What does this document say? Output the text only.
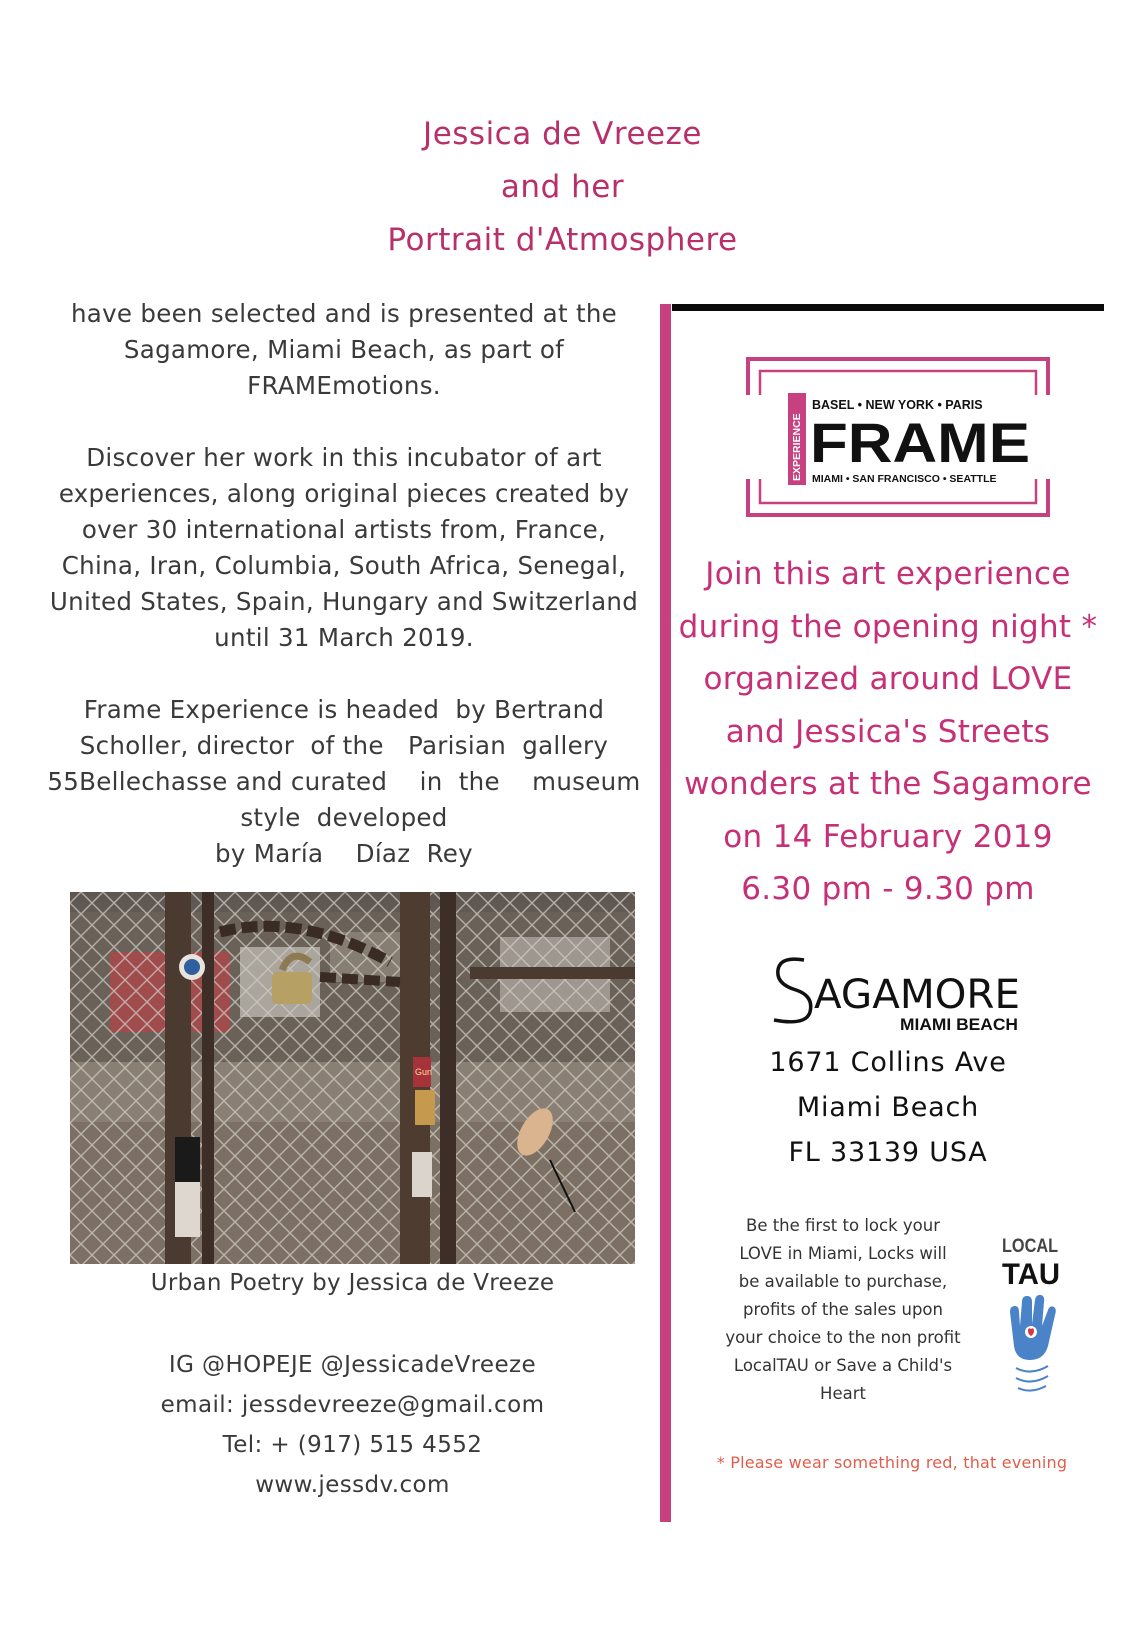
Jessica de Vreeze
and her
Portrait d'Atmosphere

have been selected and is presented at the

Sagamore, Miami Beach, as part of

FRAMEmotions.

Discover her work in this incubator of art

experiences, along original pieces created by

over 30 international artists from, France,

China, Iran, Columbia, South Africa, Senegal,

United States, Spain, Hungary and Switzerland

until 31 March 2019.

Frame Experience is headed  by Bertrand

Scholler, director  of the   Parisian  gallery

55Bellechasse and curated    in  the    museum

style  developed

by María    Díaz  Rey

Gun
Urban Poetry by Jessica de Vreeze
IG @HOPEJE @JessicadeVreeze
email: jessdevreeze@gmail.com
Tel: + (917) 515 4552
www.jessdv.com
EXPERIENCE
BASEL • NEW YORK • PARIS
FRAME
MIAMI • SAN FRANCISCO • SEATTLE
Join this art experience
during the opening night *
organized around LOVE
and Jessica's Streets
wonders at the Sagamore
on 14 February 2019
6.30 pm - 9.30 pm
AGAMORE
MIAMI BEACH
1671 Collins Ave
Miami Beach
FL 33139 USA
Be the first to lock your
LOVE in Miami, Locks will
be available to purchase,
profits of the sales upon
your choice to the non profit
LocalTAU or Save a Child's
Heart
LOCAL
TAU
* Please wear something red, that evening
